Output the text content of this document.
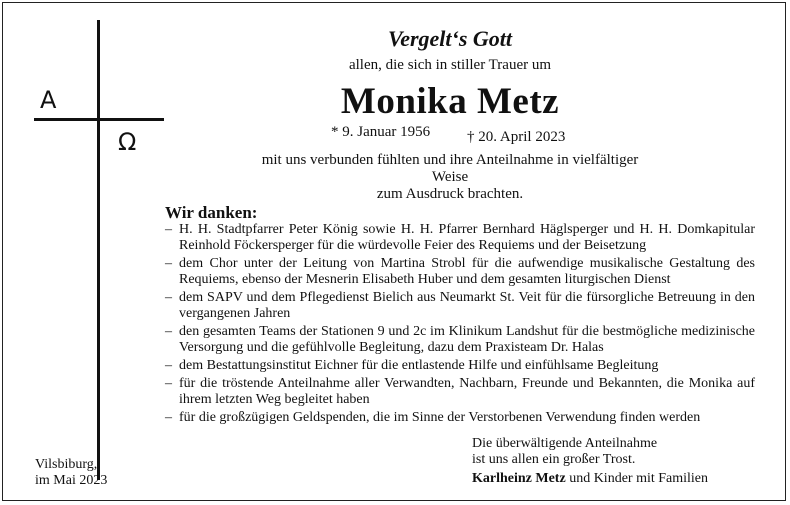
A
Ω
Vergelt‘s Gott
allen, die sich in stiller Trauer um
Monika Metz
* 9. Januar 1956 † 20. April 2023
mit uns verbunden fühlten und ihre Anteilnahme in vielfältiger Weise
zum Ausdruck brachten.
Wir danken:
– H. H. Stadtpfarrer Peter König sowie H. H. Pfarrer Bernhard Häglsperger und H. H. Domkapitular Reinhold Föckersperger für die würdevolle Feier des Requiems und der Beisetzung
– dem Chor unter der Leitung von Martina Strobl für die aufwendige musikalische Gestaltung des Requiems, ebenso der Mesnerin Elisabeth Huber und dem gesamten liturgischen Dienst
– dem SAPV und dem Pflegedienst Bielich aus Neumarkt St. Veit für die fürsorgliche Betreuung in den vergangenen Jahren
– den gesamten Teams der Stationen 9 und 2c im Klinikum Landshut für die bestmögliche medizinische Versorgung und die gefühlvolle Begleitung, dazu dem Praxisteam Dr. Halas
– dem Bestattungsinstitut Eichner für die entlastende Hilfe und einfühlsame Begleitung
– für die tröstende Anteilnahme aller Verwandten, Nachbarn, Freunde und Bekannten, die Monika auf ihrem letzten Weg begleitet haben
– für die großzügigen Geldspenden, die im Sinne der Verstorbenen Verwendung finden werden
Vilsbiburg,
im Mai 2023
Die überwältigende Anteilnahme
ist uns allen ein großer Trost.
Karlheinz Metz und Kinder mit Familien
